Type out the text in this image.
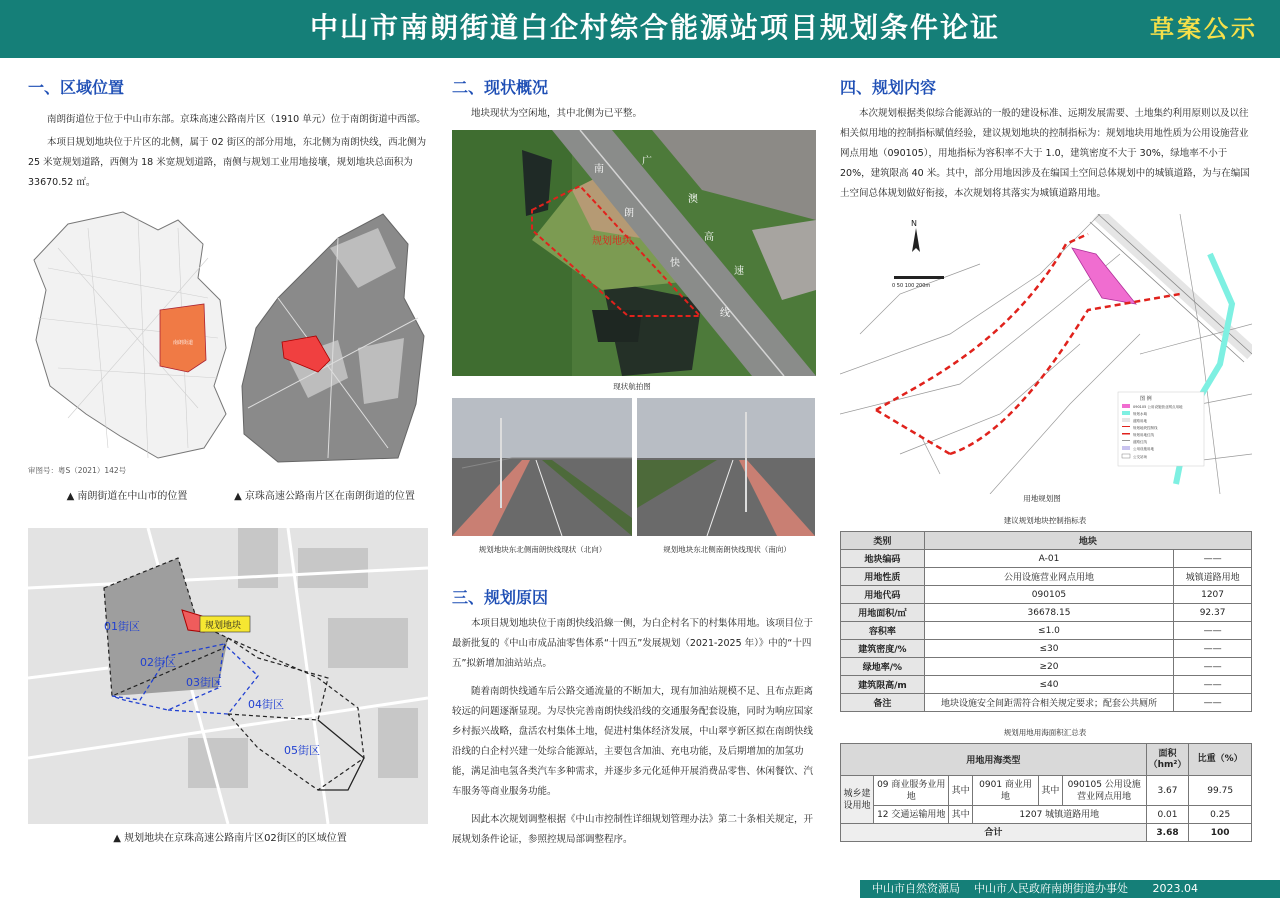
中山市南朗街道白企村综合能源站项目规划条件论证	草案公示
一、区域位置
南朗街道位于位于中山市东部。京珠高速公路南片区（1910 单元）位于南朗街道中西部。
本项目规划地块位于片区的北侧，属于 02 街区的部分用地，东北侧为南朗快线，西北侧为 25 米宽规划道路，西侧为 18 米宽规划道路，南侧与规划工业用地接壤，规划地块总面积为 33670.52 ㎡。
南朗街道
审图号：粤S（2021）142号
▲ 南朗街道在中山市的位置	▲ 京珠高速公路南片区在南朗街道的位置
01街区
02街区
03街区
04街区
05街区
规划地块
▲ 规划地块在京珠高速公路南片区02街区的区域位置
二、现状概况
地块现状为空闲地，其中北侧为已平整。
南
广
朗
澳
快
高
速
线
规划地块
现状航拍图
规划地块东北侧南朗快线现状（北向）	规划地块东北侧南朗快线现状（南向）
三、规划原因
本项目规划地块位于南朗快线沿線一侧，为白企村名下的村集体用地。该项目位于最新批复的《中山市成品油零售体系“十四五”发展规划（2021-2025 年）》中的“十四五”拟新增加油站站点。
随着南朗快线通车后公路交通流量的不断加大，现有加油站规模不足、且布点距离较远的问题逐渐显现。为尽快完善南朗快线沿线的交通服务配套设施，同时为响应国家乡村振兴战略，盘活农村集体土地，促进村集体经济发展，中山翠亨新区拟在南朗快线沿线的白企村兴建一处综合能源站，主要包含加油、充电功能，及后期增加的加氢功能，满足油电氢各类汽车多种需求，并逐步多元化延伸开展消费品零售、休闲餐饮、汽车服务等商业服务功能。
因此本次规划调整根据《中山市控制性详细规划管理办法》第二十条相关规定，开展规划条件论证，参照控规局部调整程序。
四、规划内容
本次规划根据类似综合能源站的一般的建设标准、远期发展需要、土地集约利用原则以及以往相关似用地的控制指标赋值经验，建议规划地块的控制指标为：规划地块用地性质为公用设施营业网点用地（090105），用地指标为容积率不大于 1.0，建筑密度不大于 30%，绿地率不小于 20%，建筑限高 40 米。其中，部分用地因涉及在编国土空间总体规划中的城镇道路，为与在编国土空间总体规划做好衔接，本次规划将其落实为城镇道路用地。
N
0 50 100 200m
图 例
090105 公用设施营业网点用地
规划水域
道路用地
规划地块控制线
规划用地红线
道路红线
公用设施用地
公交站场
用地规划图
建议规划地块控制指标表
类别	地块	
地块编码	A-01	——
用地性质	公用设施营业网点用地	城镇道路用地
用地代码	090105	1207
用地面积/㎡	36678.15	92.37
容积率	≤1.0	——
建筑密度/%	≤30	——
绿地率/%	≥20	——
建筑限高/m	≤40	——
备注	地块设施安全间距需符合相关规定要求；配套公共厕所	——
规划用地用海面积汇总表
用地用海类型						面积（hm²）	比重（%）
城乡建设用地	09 商业服务业用地	其中	0901 商业用地	其中	090105 公用设施营业网点用地	3.67	99.75
	12 交通运输用地	其中	1207 城镇道路用地			0.01	0.25
合计						3.68	100
中山市自然资源局    中山市人民政府南朗街道办事处       2023.04
